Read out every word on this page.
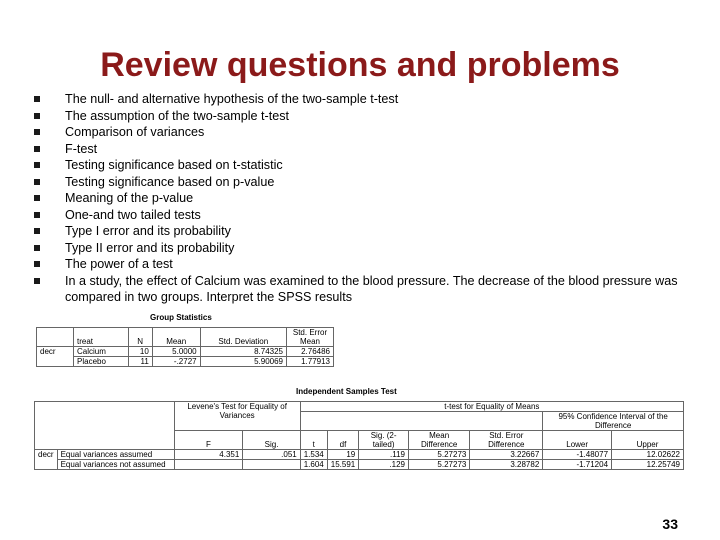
Review questions and problems
The null- and alternative hypothesis of the two-sample t-test
The assumption of the two-sample t-test
Comparison of variances
F-test
Testing significance based on t-statistic
Testing significance based on p-value
Meaning of the p-value
One-and two tailed tests
Type I error and its probability
Type II error and its probability
The power of a test
In a study, the effect of Calcium was examined to the blood pressure. The decrease of the blood pressure was compared in two groups. Interpret the SPSS results
Group Statistics
	treat	N	Mean	Std. Deviation	Std. Error Mean
decr	Calcium	10	5.0000	8.74325	2.76486
	Placebo	11	-.2727	5.90069	1.77913
Independent Samples Test
		Levene's Test for Equality of Variances		t-test for Equality of Means						
									95% Confidence Interval of the Difference	
		F	Sig.	t	df	Sig. (2-tailed)	Mean Difference	Std. Error Difference	Lower	Upper
decr	Equal variances assumed	4.351	.051	1.534	19	.119	5.27273	3.22667	-1.48077	12.02622
	Equal variances not assumed			1.604	15.591	.129	5.27273	3.28782	-1.71204	12.25749
33
